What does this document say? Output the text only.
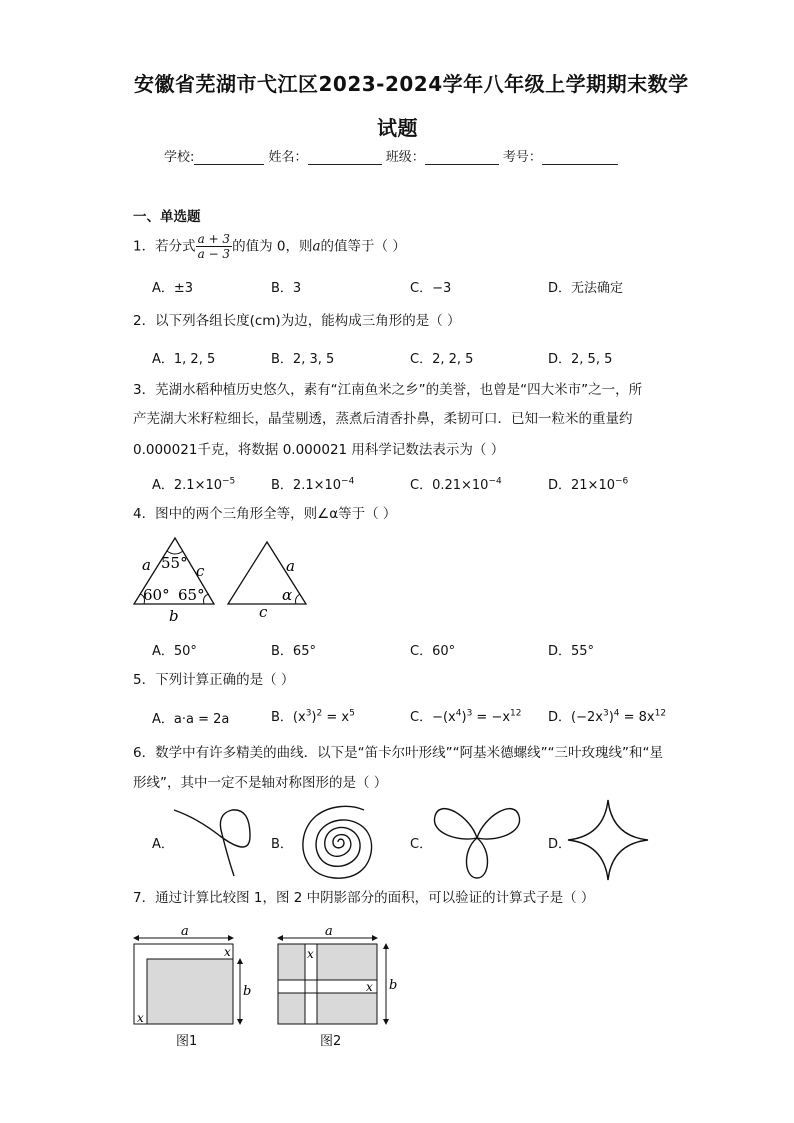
安徽省芜湖市弋江区2023-2024学年八年级上学期期末数学
试题
学校:	姓名：	班级：	考号：
一、单选题
1．若分式 $\frac{a + 3}{a - 3}$ 的值为 0，则a的值等于（ ）
A．±3	B．3	C．−3	D．无法确定
2．以下列各组长度(cm)为边，能构成三角形的是（ ）
A．1, 2, 5	B．2, 3, 5	C．2, 2, 5	D．2, 5, 5
3．芜湖水稻种植历史悠久，素有“江南鱼米之乡”的美誉，也曾是“四大米市”之一，所
产芜湖大米籽粒细长，晶莹剔透，蒸煮后清香扑鼻，柔韧可口．已知一粒米的重量约
0.000021千克，将数据 0.000021 用科学记数法表示为（ ）
A．$2.1\times 10^{-5}$	B．$2.1\times 10^{-4}$	C．$0.21\times 10^{-4}$	D．$21\times 10^{-6}$
4．图中的两个三角形全等，则∠α等于（ ）
a	c
b
55°
60° 65°
a
α
c
A．50°	B．65°	C．60°	D．55°
5．下列计算正确的是（ ）
A．a·a = 2a	B．$(x^3)^2 = x^5$	C．$-(x^4)^3 = -x^{12}$ D．$(-2x^3)^4 = 8x^{12}$
6．数学中有许多精美的曲线．以下是“笛卡尔叶形线”“阿基米德螺线”“三叶玫瑰线”和“星
形线”，其中一定不是轴对称图形的是（ ）
A．	B．	C．	D．
7．通过计算比较图 1，图 2 中阴影部分的面积，可以验证的计算式子是（ ）
a
b
x
x
图1
a
b
x
x
图2
